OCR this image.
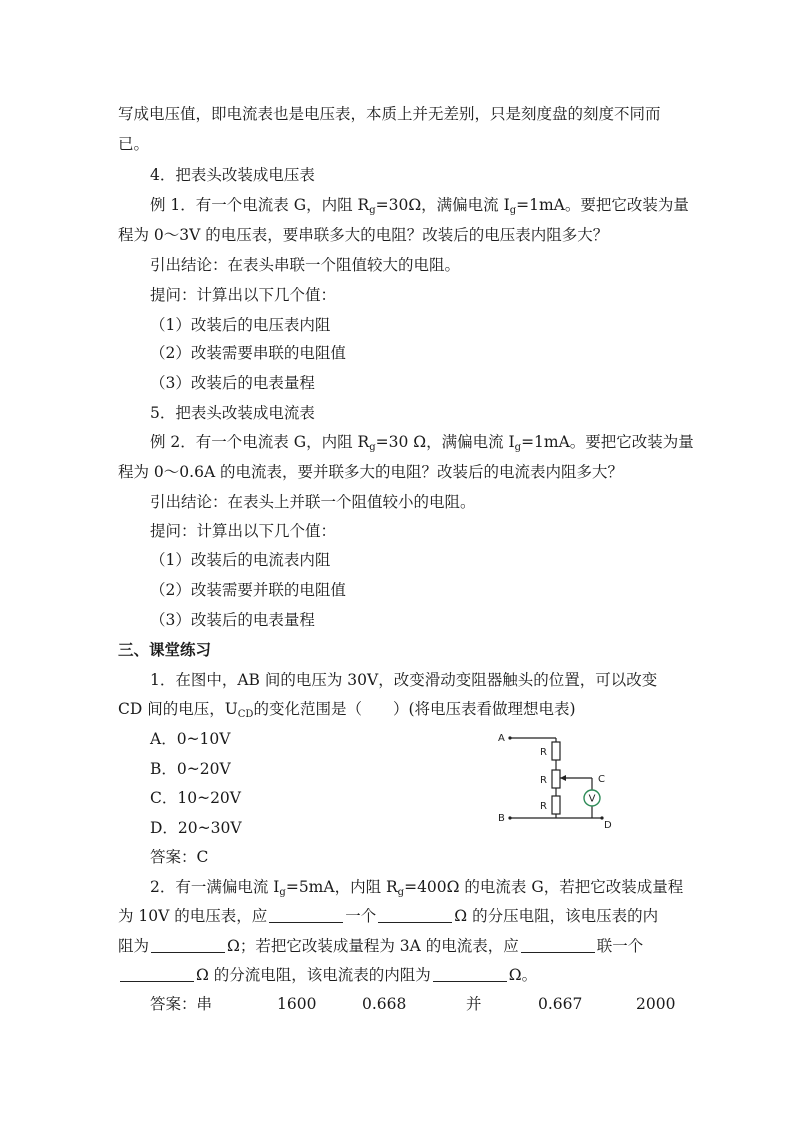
写成电压值，即电流表也是电压表，本质上并无差别，只是刻度盘的刻度不同而
已。
4．把表头改装成电压表
例 1．有一个电流表 G，内阻 $R_g=30\Omega$，满偏电流 $I_g=1mA$。要把它改装为量
程为 0～3V 的电压表，要串联多大的电阻？改装后的电压表内阻多大？
引出结论：在表头串联一个阻值较大的电阻。
提问：计算出以下几个值：
（1）改装后的电压表内阻
（2）改装需要串联的电阻值
（3）改装后的电表量程
5．把表头改装成电流表
例 2．有一个电流表 G，内阻 $R_g=30$ Ω，满偏电流 $I_g=1mA$。要把它改装为量
程为 0～0.6A 的电流表，要并联多大的电阻？改装后的电流表内阻多大？
引出结论：在表头上并联一个阻值较小的电阻。
提问：计算出以下几个值：
（1）改装后的电流表内阻
（2）改装需要并联的电阻值
（3）改装后的电表量程
三、课堂练习
1．在图中，AB 间的电压为 30V，改变滑动变阻器触头的位置，可以改变
CD 间的电压，$U_{CD}$的变化范围是（　　）(将电压表看做理想电表)
A．0~10V
B．0~20V
C．10~20V
D．20~30V
答案：C
V
A
B
C
D
R
R
R
2．有一满偏电流 $I_g=5mA$，内阻 $R_g=400\Omega$ 的电流表 G，若把它改装成量程
为 10V 的电压表，应	一个	Ω 的分压电阻，该电压表的内
阻为	Ω；若把它改装成量程为 3A 的电流表，应	联一个
Ω 的分流电阻，该电流表的内阻为	Ω。
答案：串	1600	0.668	并	0.667	2000
